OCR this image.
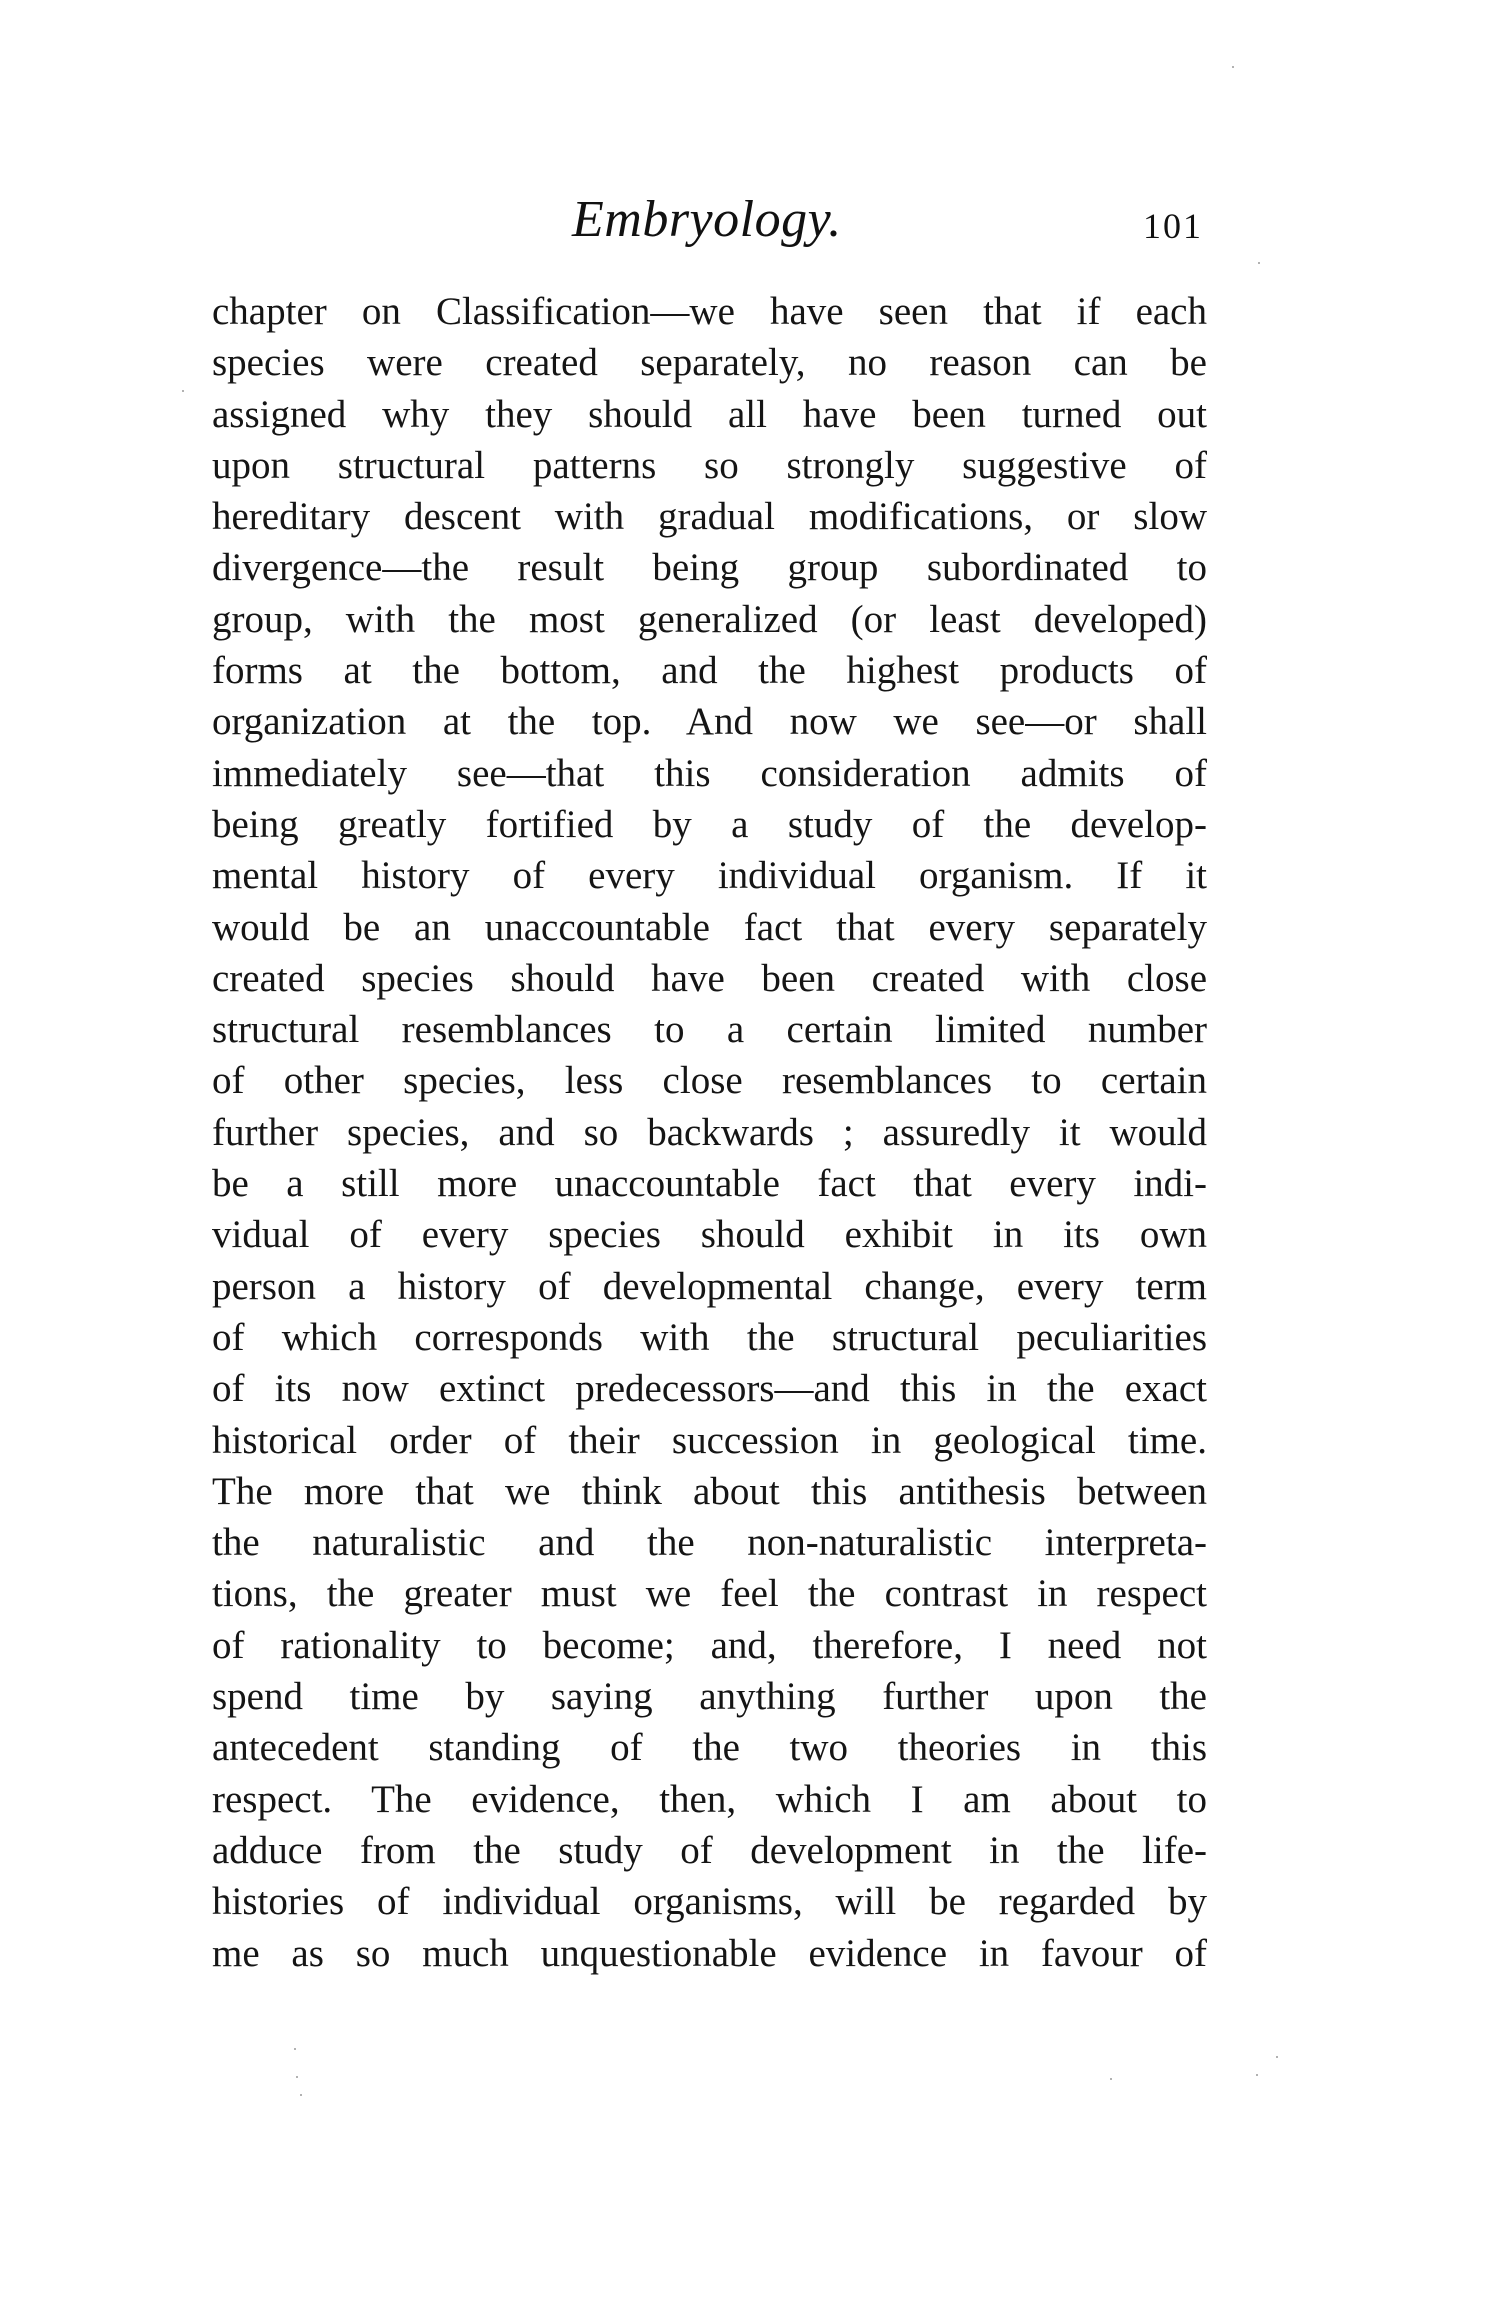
Embryology.	101
chapter on Classification—we have seen that if each
species were created separately, no reason can be
assigned why they should all have been turned out
upon structural patterns so strongly suggestive of
hereditary descent with gradual modifications, or slow
divergence—the result being group subordinated to
group, with the most generalized (or least developed)
forms at the bottom, and the highest products of
organization at the top. And now we see—or shall
immediately see—that this consideration admits of
being greatly fortified by a study of the develop-
mental history of every individual organism. If it
would be an unaccountable fact that every separately
created species should have been created with close
structural resemblances to a certain limited number
of other species, less close resemblances to certain
further species, and so backwards ; assuredly it would
be a still more unaccountable fact that every indi-
vidual of every species should exhibit in its own
person a history of developmental change, every term
of which corresponds with the structural peculiarities
of its now extinct predecessors—and this in the exact
historical order of their succession in geological time.
The more that we think about this antithesis between
the naturalistic and the non-naturalistic interpreta-
tions, the greater must we feel the contrast in respect
of rationality to become; and, therefore, I need not
spend time by saying anything further upon the
antecedent standing of the two theories in this
respect. The evidence, then, which I am about to
adduce from the study of development in the life-
histories of individual organisms, will be regarded by
me as so much unquestionable evidence in favour of
